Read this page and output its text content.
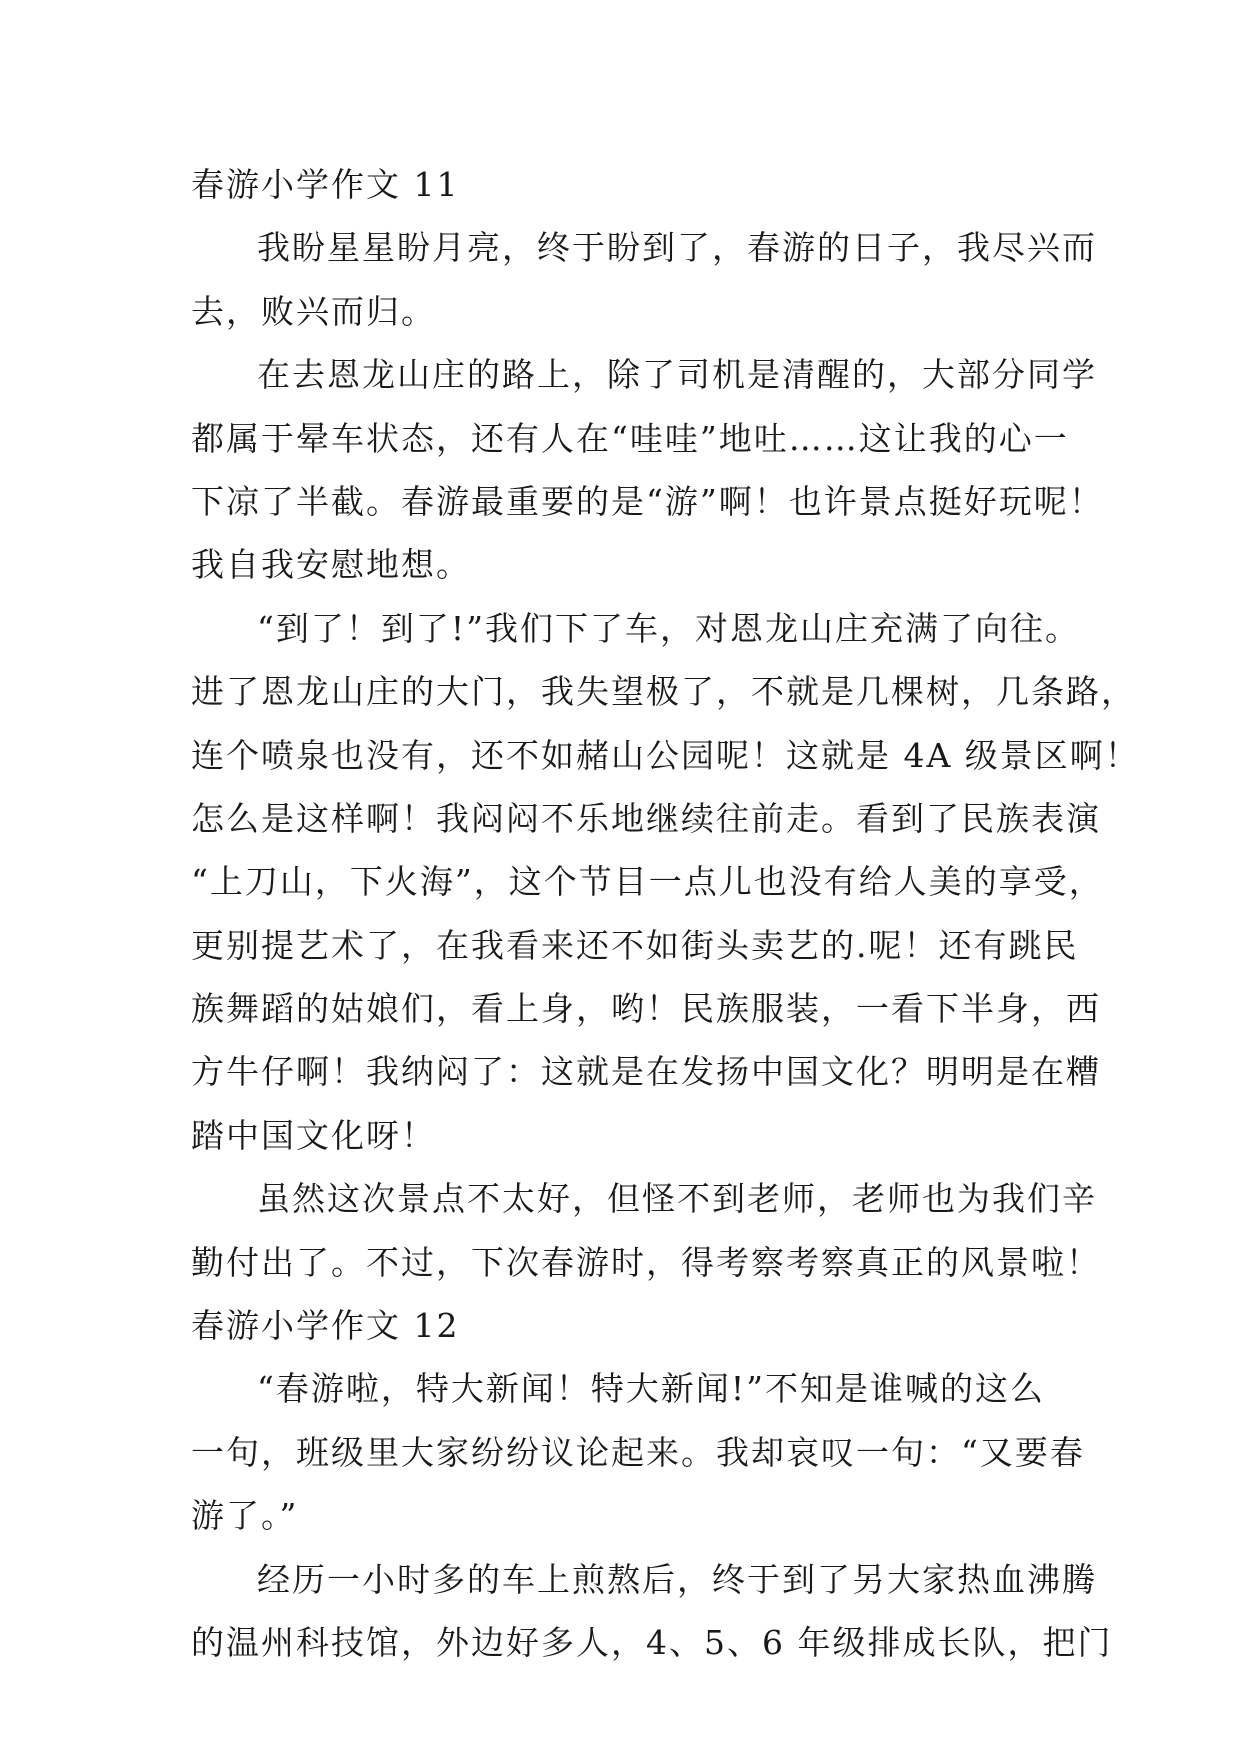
春游小学作文 11
我盼星星盼月亮，终于盼到了，春游的日子，我尽兴而
去，败兴而归。
在去恩龙山庄的路上，除了司机是清醒的，大部分同学
都属于晕车状态，还有人在“哇哇”地吐……这让我的心一
下凉了半截。春游最重要的是“游”啊！也许景点挺好玩呢！
我自我安慰地想。
“到了！到了!”我们下了车，对恩龙山庄充满了向往。
进了恩龙山庄的大门，我失望极了，不就是几棵树，几条路，
连个喷泉也没有，还不如赭山公园呢！这就是 4A 级景区啊！
怎么是这样啊！我闷闷不乐地继续往前走。看到了民族表演
“上刀山，下火海”，这个节目一点儿也没有给人美的享受，
更别提艺术了，在我看来还不如街头卖艺的.呢！还有跳民
族舞蹈的姑娘们，看上身，哟！民族服装，一看下半身，西
方牛仔啊！我纳闷了：这就是在发扬中国文化？明明是在糟
踏中国文化呀！
虽然这次景点不太好，但怪不到老师，老师也为我们辛
勤付出了。不过，下次春游时，得考察考察真正的风景啦！
春游小学作文 12
“春游啦，特大新闻！特大新闻!”不知是谁喊的这么
一句，班级里大家纷纷议论起来。我却哀叹一句：“又要春
游了。”
经历一小时多的车上煎熬后，终于到了另大家热血沸腾
的温州科技馆，外边好多人，4、5、6 年级排成长队，把门
